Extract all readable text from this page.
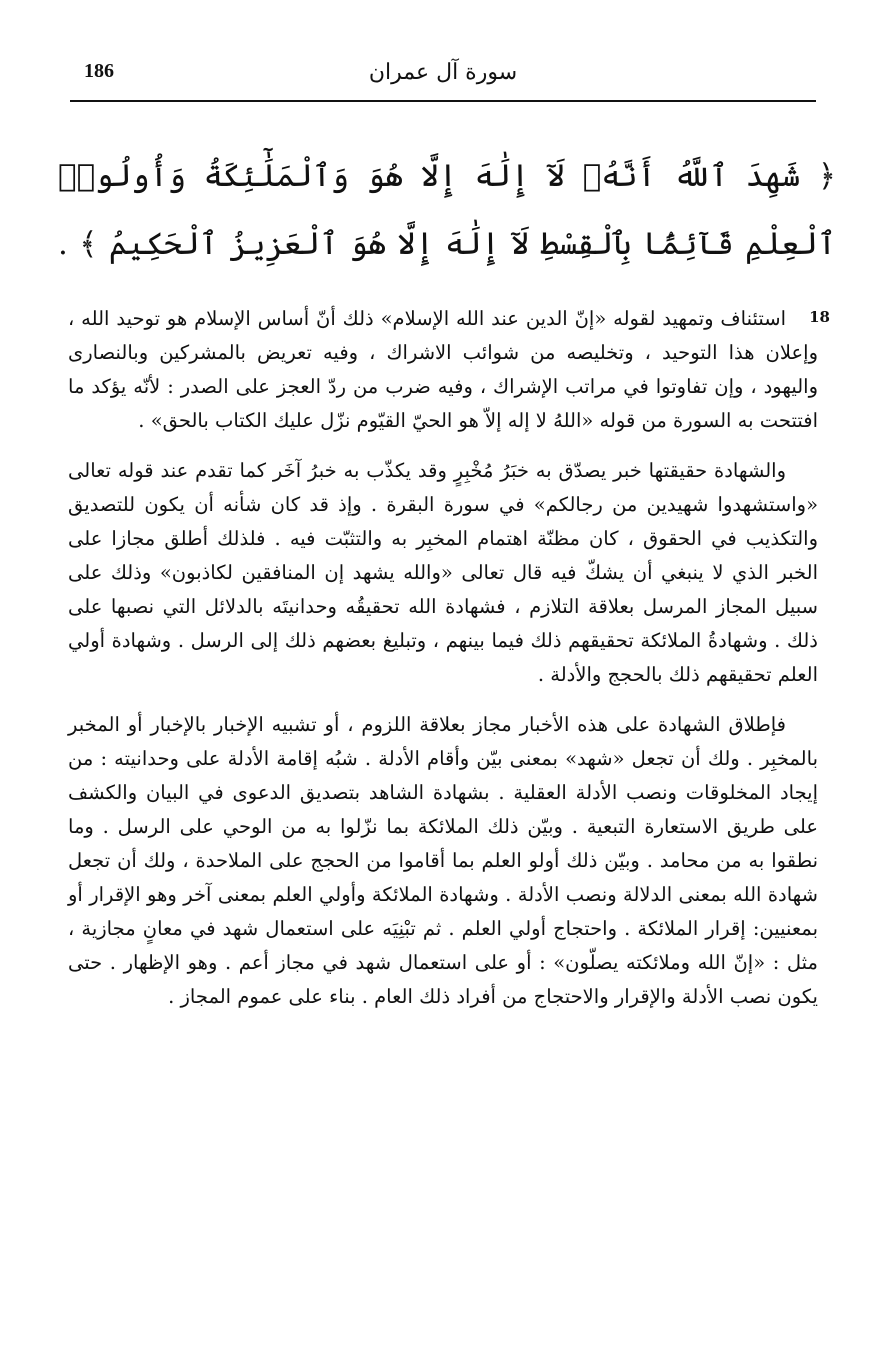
186	سورة آل عمران
﴿ شَهِدَ ٱللَّهُ أَنَّهُۥ لَآ إِلَٰهَ إِلَّا هُوَ وَٱلْمَلَٰٓئِكَةُ وَأُولُوا۟ ٱلْعِلْمِ قَآئِمًۢا بِٱلْقِسْطِ لَآ إِلَٰهَ إِلَّا هُوَ ٱلْعَزِيزُ ٱلْحَكِيمُ ﴾ . 18

استئناف وتمهيد لقوله «إنّ الدين عند الله الإسلام» ذلك أنّ أساس الإسلام هو توحيد الله ، وإعلان هذا التوحيد ، وتخليصه من شوائب الاشراك ، وفيه تعريض بالمشركين وبالنصارى واليهود ، وإن تفاوتوا في مراتب الإشراك ، وفيه ضرب من ردّ العجز على الصدر : لأنّه يؤكد ما افتتحت به السورة من قوله «اللهُ لا إله إلاّ هو الحيّ القيّوم نزّل عليك الكتاب بالحق» .

والشهادة حقيقتها خبر يصدّق به خبَرُ مُخْبِرٍ وقد يكذّب به خبرُ آخَر كما تقدم عند قوله تعالى «واستشهدوا شهيدين من رجالكم» في سورة البقرة . وإذ قد كان شأنه أن يكون للتصديق والتكذيب في الحقوق ، كان مظنّة اهتمام المخبِر به والتثبّت فيه . فلذلك أطلق مجازا على الخبر الذي لا ينبغي أن يشكّ فيه قال تعالى «والله يشهد إن المنافقين لكاذبون» وذلك على سبيل المجاز المرسل بعلاقة التلازم ، فشهادة الله تحقيقُه وحدانيتَه بالدلائل التي نصبها على ذلك . وشهادةُ الملائكة تحقيقهم ذلك فيما بينهم ، وتبليغ بعضهم ذلك إلى الرسل . وشهادة أولي العلم تحقيقهم ذلك بالحجج والأدلة .

فإطلاق الشهادة على هذه الأخبار مجاز بعلاقة اللزوم ، أو تشبيه الإخبار بالإخبار أو المخبر بالمخبِر . ولك أن تجعل «شهد» بمعنى بيّن وأقام الأدلة . شبُه إقامة الأدلة على وحدانيته : من إيجاد المخلوقات ونصب الأدلة العقلية . بشهادة الشاهد بتصديق الدعوى في البيان والكشف على طريق الاستعارة التبعية . وبيّن ذلك الملائكة بما نزّلوا به من الوحي على الرسل . وما نطقوا به من محامد . وبيّن ذلك أولو العلم بما أقاموا من الحجج على الملاحدة ، ولك أن تجعل شهادة الله بمعنى الدلالة ونصب الأدلة . وشهادة الملائكة وأولي العلم بمعنى آخر وهو الإقرار أو بمعنيين: إقرار الملائكة . واحتجاج أولي العلم . ثم تبْنِيَه على استعمال شهد في معانٍ مجازية ، مثل : «إنّ الله وملائكته يصلّون» : أو على استعمال شهد في مجاز أعم . وهو الإظهار . حتى يكون نصب الأدلة والإقرار والاحتجاج من أفراد ذلك العام . بناء على عموم المجاز .
